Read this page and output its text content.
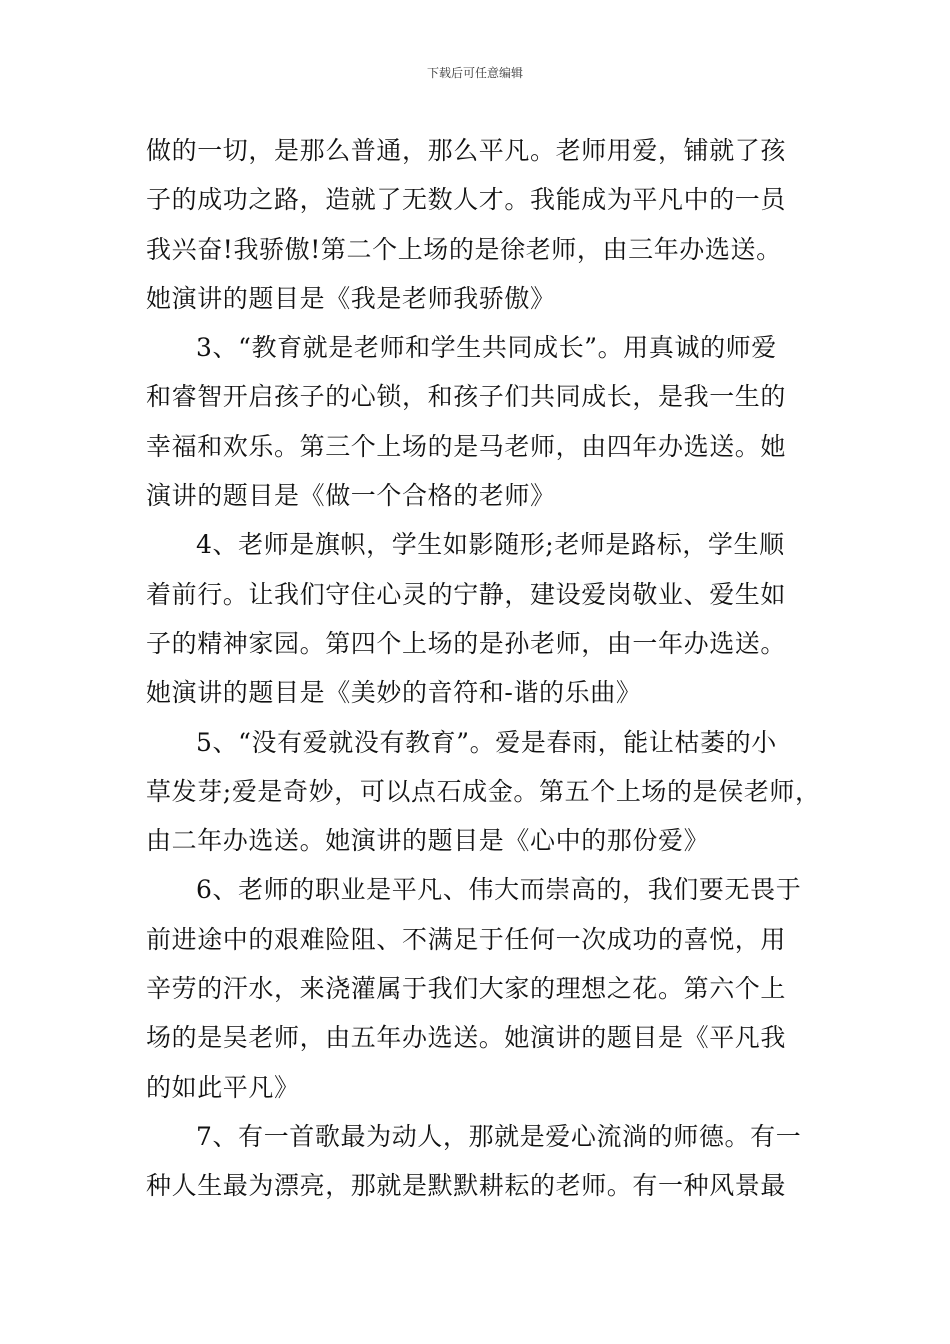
下载后可任意编辑
做的一切，是那么普通，那么平凡。老师用爱，铺就了孩
子的成功之路，造就了无数人才。我能成为平凡中的一员
我兴奋!我骄傲!第二个上场的是徐老师，由三年办选送。
她演讲的题目是《我是老师我骄傲》
3、“教育就是老师和学生共同成长”。用真诚的师爱
和睿智开启孩子的心锁，和孩子们共同成长，是我一生的
幸福和欢乐。第三个上场的是马老师，由四年办选送。她
演讲的题目是《做一个合格的老师》
4、老师是旗帜，学生如影随形;老师是路标，学生顺
着前行。让我们守住心灵的宁静，建设爱岗敬业、爱生如
子的精神家园。第四个上场的是孙老师，由一年办选送。
她演讲的题目是《美妙的音符和-谐的乐曲》
5、“没有爱就没有教育”。爱是春雨，能让枯萎的小
草发芽;爱是奇妙，可以点石成金。第五个上场的是侯老师，
由二年办选送。她演讲的题目是《心中的那份爱》
6、老师的职业是平凡、伟大而崇高的，我们要无畏于
前进途中的艰难险阻、不满足于任何一次成功的喜悦，用
辛劳的汗水，来浇灌属于我们大家的理想之花。第六个上
场的是吴老师，由五年办选送。她演讲的题目是《平凡我
的如此平凡》
7、有一首歌最为动人，那就是爱心流淌的师德。有一
种人生最为漂亮，那就是默默耕耘的老师。有一种风景最
